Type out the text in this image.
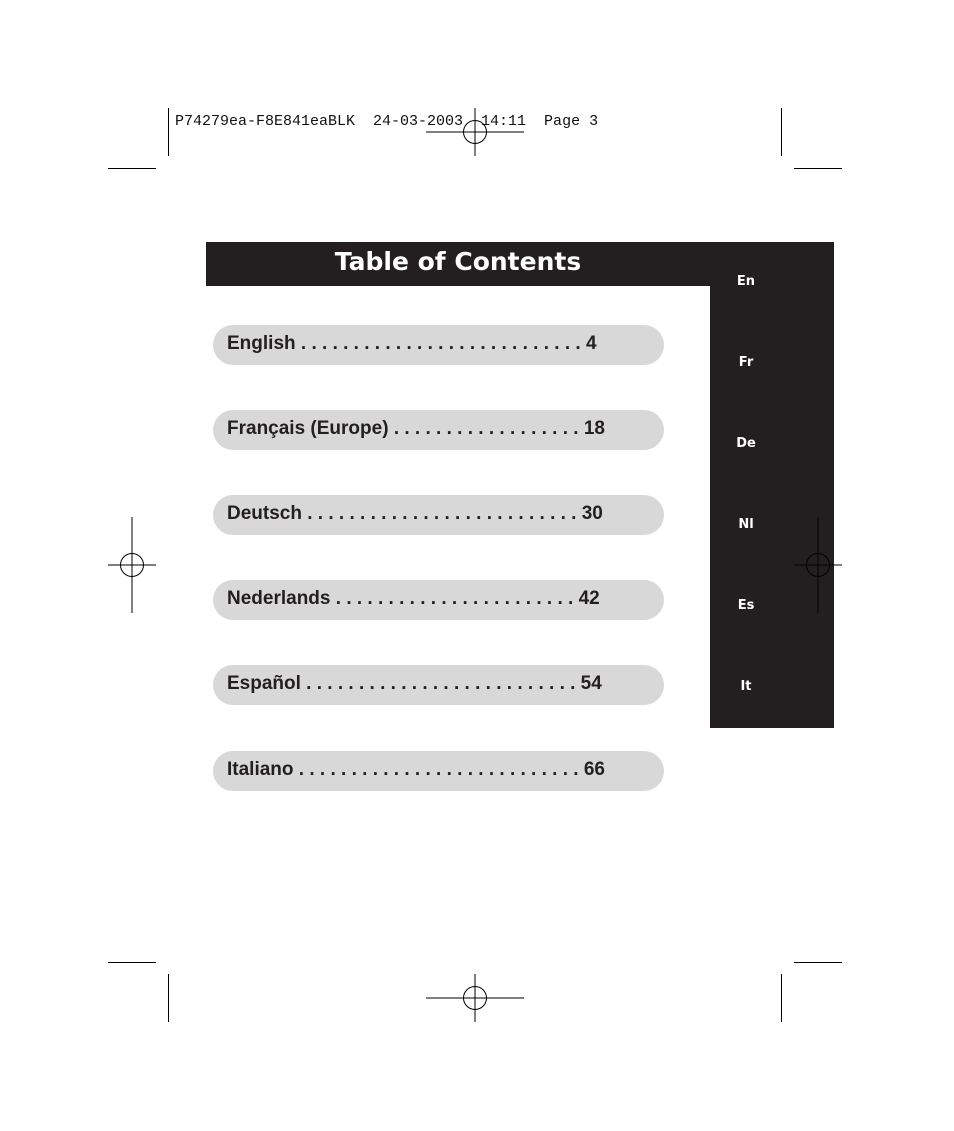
P74279ea-F8E841eaBLK  24-03-2003  14:11  Page 3
Table of Contents
En
Fr
De
Nl
Es
It
English . . . . . . . . . . . . . . . . . . . . . . . . . . . 4
Français (Europe) . . . . . . . . . . . . . . . . . . 18
Deutsch . . . . . . . . . . . . . . . . . . . . . . . . . . 30
Nederlands . . . . . . . . . . . . . . . . . . . . . . . 42
Español . . . . . . . . . . . . . . . . . . . . . . . . . . 54
Italiano . . . . . . . . . . . . . . . . . . . . . . . . . . . 66
